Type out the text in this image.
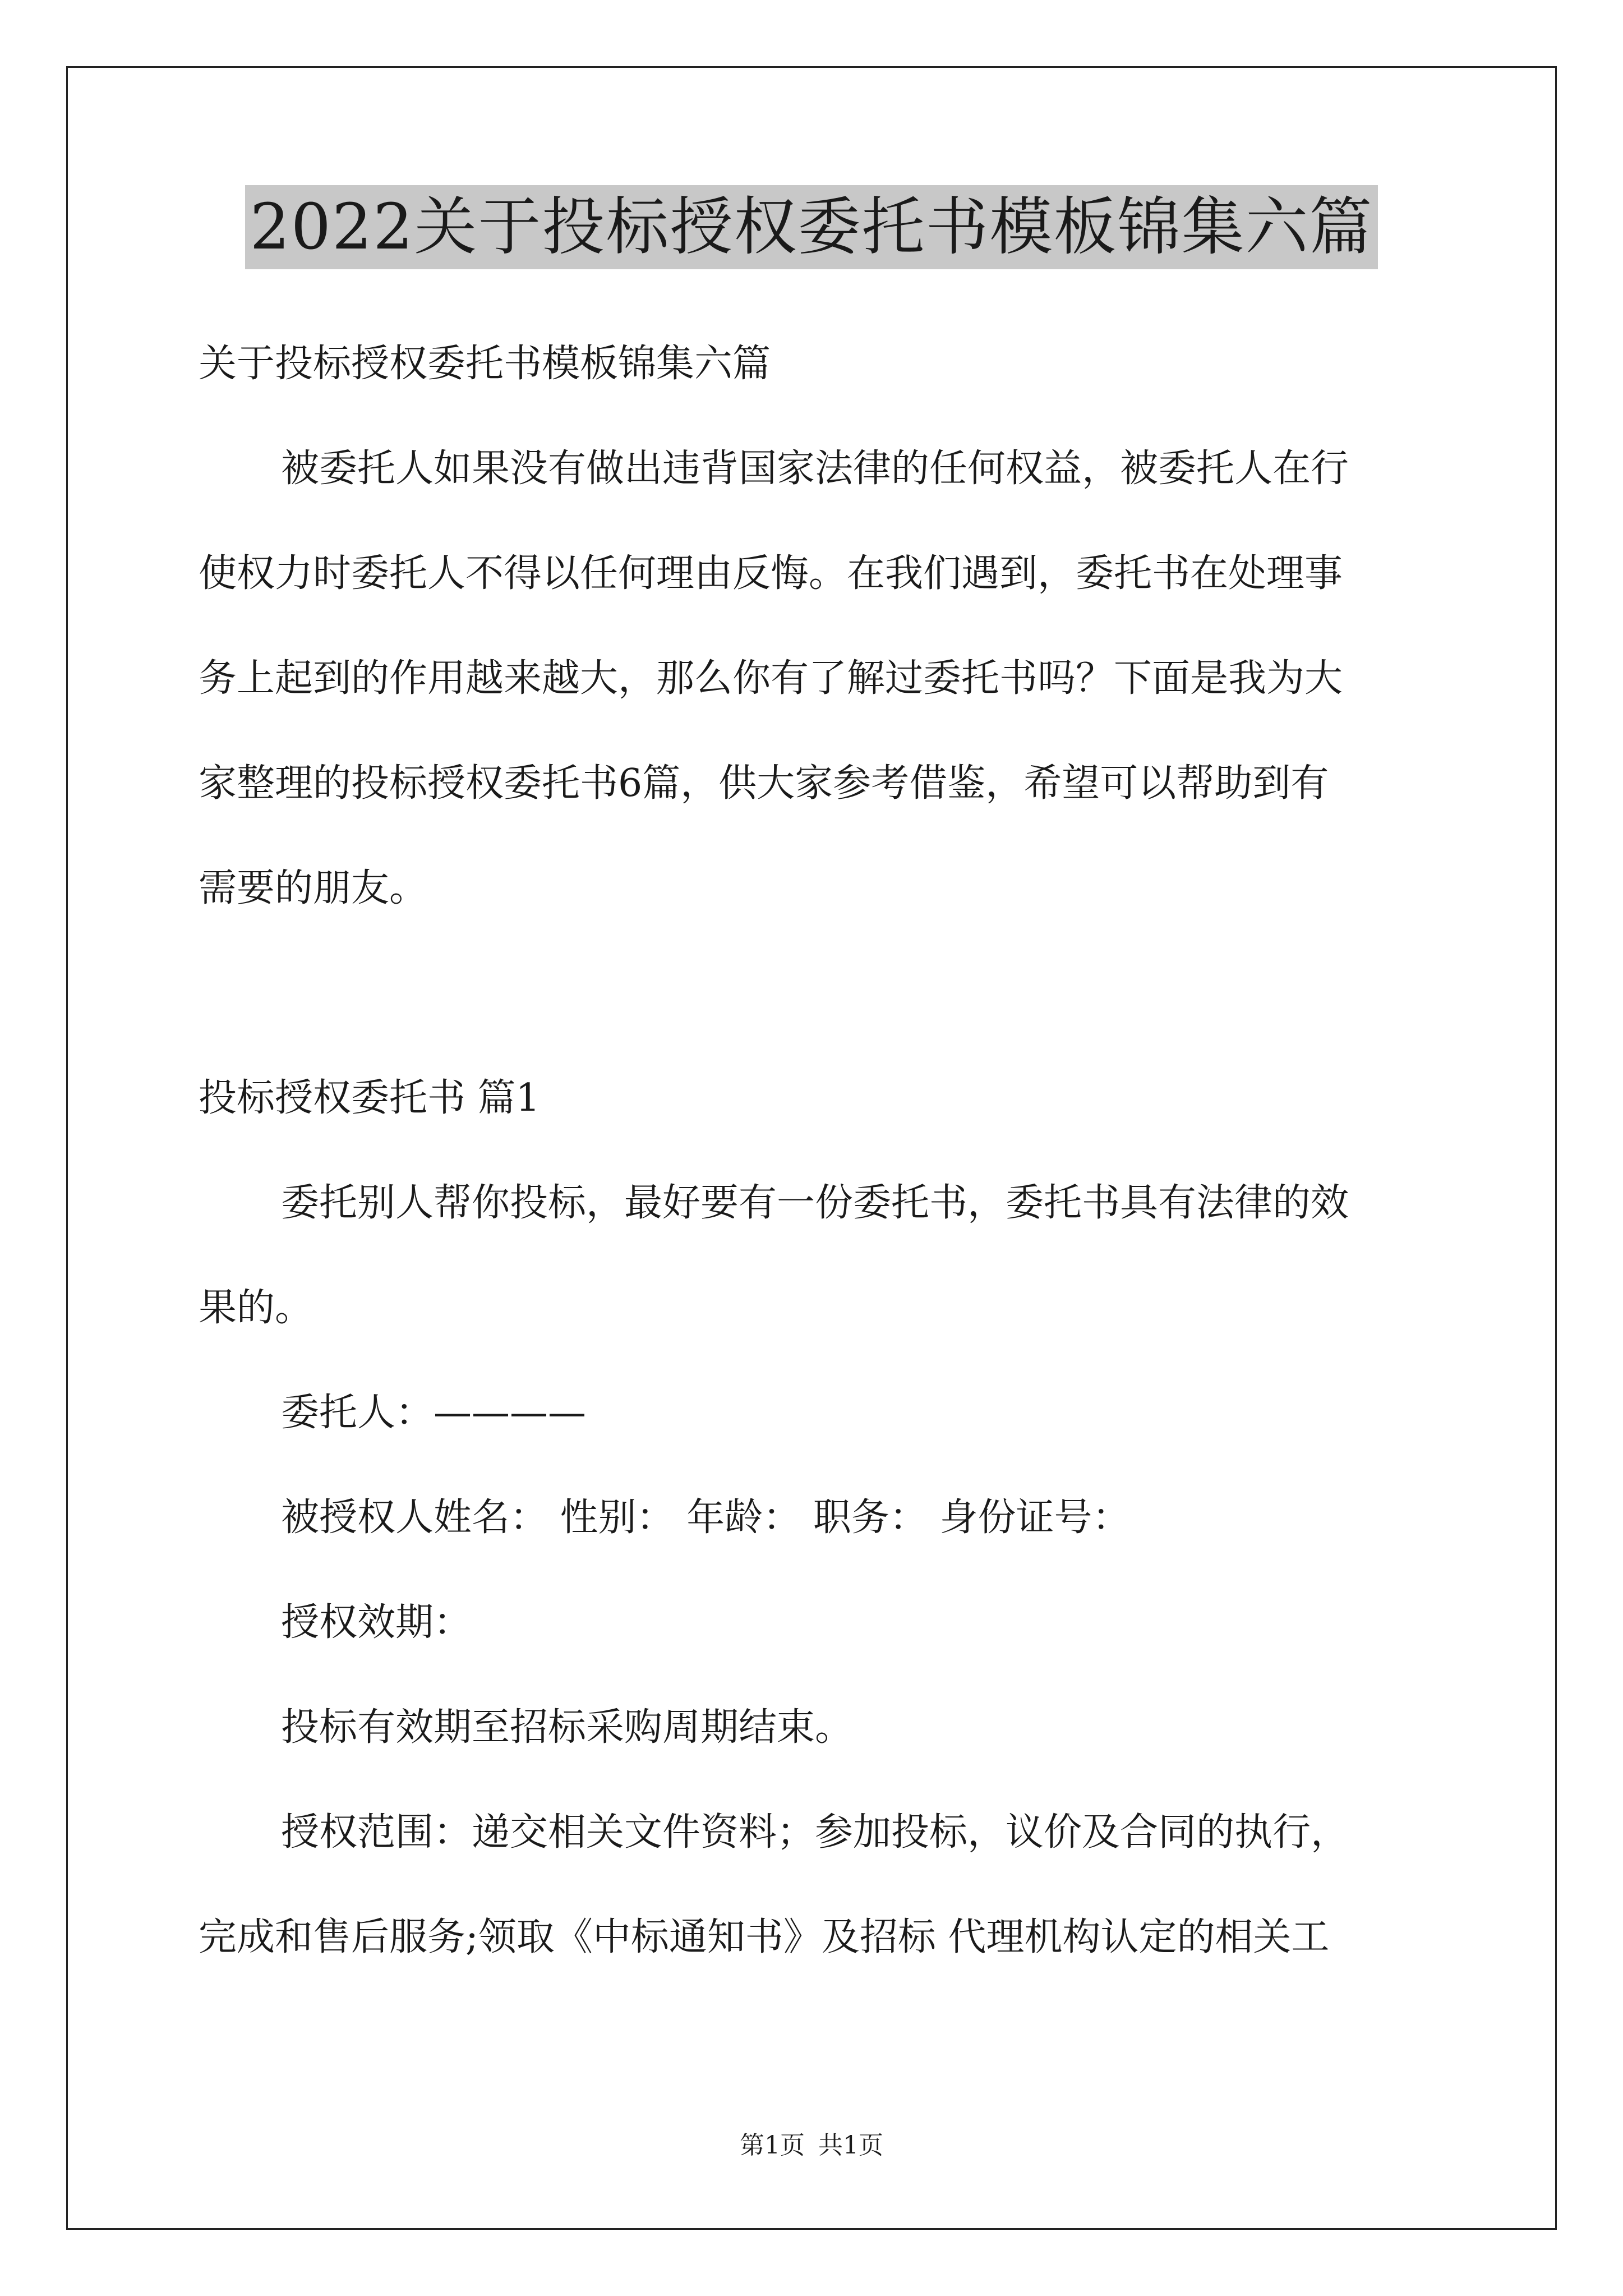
2022关于投标授权委托书模板锦集六篇

关于投标授权委托书模板锦集六篇

被委托人如果没有做出违背国家法律的任何权益，被委托人在行

使权力时委托人不得以任何理由反悔。在我们遇到，委托书在处理事

务上起到的作用越来越大，那么你有了解过委托书吗？下面是我为大

家整理的投标授权委托书6篇，供大家参考借鉴，希望可以帮助到有

需要的朋友。

投标授权委托书 篇1

委托别人帮你投标，最好要有一份委托书，委托书具有法律的效

果的。

委托人：————

被授权人姓名： 性别： 年龄： 职务： 身份证号：

授权效期：

投标有效期至招标采购周期结束。

授权范围：递交相关文件资料；参加投标，议价及合同的执行，

完成和售后服务;领取《中标通知书》及招标 代理机构认定的相关工

第1页 共1页
